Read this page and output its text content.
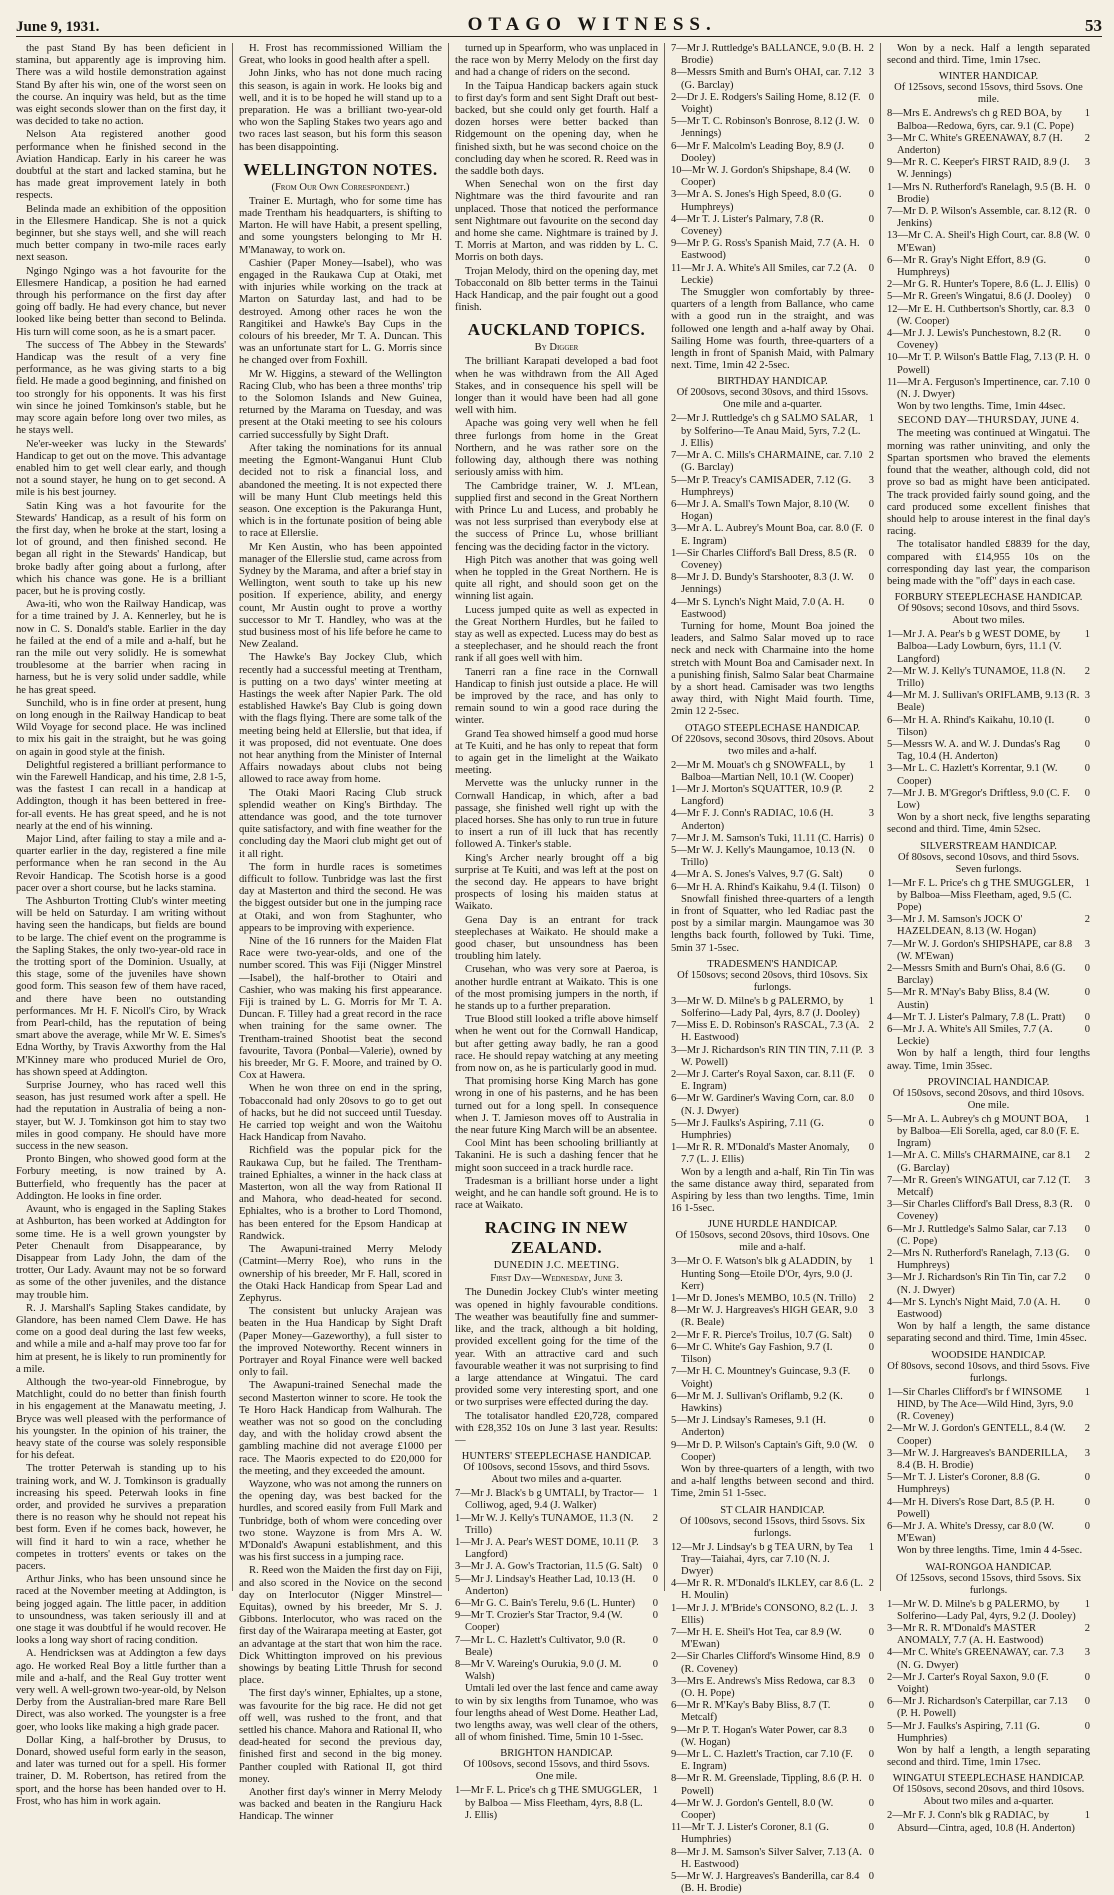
June 9, 1931.	OTAGO WITNESS.	53

the past Stand By has been deficient in stamina, but apparently age is improving him. There was a wild hostile demonstration against Stand By after his win, one of the worst seen on the course. An inquiry was held, but as the time was eight seconds slower than on the first day, it was decided to take no action.

Nelson Ata registered another good performance when he finished second in the Aviation Handicap. Early in his career he was doubtful at the start and lacked stamina, but he has made great improvement lately in both respects.

Belinda made an exhibition of the opposition in the Ellesmere Handicap. She is not a quick beginner, but she stays well, and she will reach much better company in two-mile races early next season.

Ngingo Ngingo was a hot favourite for the Ellesmere Handicap, a position he had earned through his performance on the first day after going off badly. He had every chance, but never looked like being better than second to Belinda. His turn will come soon, as he is a smart pacer.

The success of The Abbey in the Stewards' Handicap was the result of a very fine performance, as he was giving starts to a big field. He made a good beginning, and finished on too strongly for his opponents. It was his first win since he joined Tomkinson's stable, but he may score again before long over two miles, as he stays well.

Ne'er-weeker was lucky in the Stewards' Handicap to get out on the move. This advantage enabled him to get well clear early, and though not a sound stayer, he hung on to get second. A mile is his best journey.

Satin King was a hot favourite for the Stewards' Handicap, as a result of his form on the first day, when he broke at the start, losing a lot of ground, and then finished second. He began all right in the Stewards' Handicap, but broke badly after going about a furlong, after which his chance was gone. He is a brilliant pacer, but he is proving costly.

Awa-iti, who won the Railway Handicap, was for a time trained by J. A. Kennerley, but he is now in C. S. Donald's stable. Earlier in the day he failed at the end of a mile and a-half, but he ran the mile out very solidly. He is somewhat troublesome at the barrier when racing in harness, but he is very solid under saddle, while he has great speed.

Sunchild, who is in fine order at present, hung on long enough in the Railway Handicap to beat Wild Voyage for second place. He was inclined to mix his gait in the straight, but he was going on again in good style at the finish.

Delightful registered a brilliant performance to win the Farewell Handicap, and his time, 2.8 1-5, was the fastest I can recall in a handicap at Addington, though it has been bettered in free-for-all events. He has great speed, and he is not nearly at the end of his winning.

Major Lind, after failing to stay a mile and a-quarter earlier in the day, registered a fine mile performance when he ran second in the Au Revoir Handicap. The Scotish horse is a good pacer over a short course, but he lacks stamina.

The Ashburton Trotting Club's winter meeting will be held on Saturday. I am writing without having seen the handicaps, but fields are bound to be large. The chief event on the programme is the Sapling Stakes, the only two-year-old race in the trotting sport of the Dominion. Usually, at this stage, some of the juveniles have shown good form. This season few of them have raced, and there have been no outstanding performances. Mr H. F. Nicoll's Ciro, by Wrack from Pearl-child, has the reputation of being smart above the average, while Mr W. E. Simes's Edna Worthy, by Travis Axworthy from the Hal M'Kinney mare who produced Muriel de Oro, has shown speed at Addington.

Surprise Journey, who has raced well this season, has just resumed work after a spell. He had the reputation in Australia of being a non-stayer, but W. J. Tomkinson got him to stay two miles in good company. He should have more success in the new season.

Pronto Bingen, who showed good form at the Forbury meeting, is now trained by A. Butterfield, who frequently has the pacer at Addington. He looks in fine order.

Avaunt, who is engaged in the Sapling Stakes at Ashburton, has been worked at Addington for some time. He is a well grown youngster by Peter Chenault from Disappearance, by Disappear from Lady John, the dam of the trotter, Our Lady. Avaunt may not be so forward as some of the other juveniles, and the distance may trouble him.

R. J. Marshall's Sapling Stakes candidate, by Glandore, has been named Clem Dawe. He has come on a good deal during the last few weeks, and while a mile and a-half may prove too far for him at present, he is likely to run prominently for a mile.

Although the two-year-old Finnebrogue, by Matchlight, could do no better than finish fourth in his engagement at the Manawatu meeting, J. Bryce was well pleased with the performance of his youngster. In the opinion of his trainer, the heavy state of the course was solely responsible for his defeat.

The trotter Peterwah is standing up to his training work, and W. J. Tomkinson is gradually increasing his speed. Peterwah looks in fine order, and provided he survives a preparation there is no reason why he should not repeat his best form. Even if he comes back, however, he will find it hard to win a race, whether he competes in trotters' events or takes on the pacers.

Arthur Jinks, who has been unsound since he raced at the November meeting at Addington, is being jogged again. The little pacer, in addition to unsoundness, was taken seriously ill and at one stage it was doubtful if he would recover. He looks a long way short of racing condition.

A. Hendricksen was at Addington a few days ago. He worked Real Boy a little further than a mile and a-half, and the Real Guy trotter went very well. A well-grown two-year-old, by Nelson Derby from the Australian-bred mare Rare Bell Direct, was also worked. The youngster is a free goer, who looks like making a high grade pacer.

Dollar King, a half-brother by Drusus, to Donard, showed useful form early in the season, and later was turned out for a spell. His former trainer, D. M. Robertson, has retired from the sport, and the horse has been handed over to H. Frost, who has him in work again.

H. Frost has recommissioned William the Great, who looks in good health after a spell.

John Jinks, who has not done much racing this season, is again in work. He looks big and well, and it is to be hoped he will stand up to a preparation. He was a brilliant two-year-old who won the Sapling Stakes two years ago and two races last season, but his form this season has been disappointing.

WELLINGTON NOTES.
(From Our Own Correspondent.)

Trainer E. Murtagh, who for some time has made Trentham his headquarters, is shifting to Marton. He will have Habit, a present spelling, and some youngsters belonging to Mr H. M'Manaway, to work on.

Cashier (Paper Money—Isabel), who was engaged in the Raukawa Cup at Otaki, met with injuries while working on the track at Marton on Saturday last, and had to be destroyed. Among other races he won the Rangitikei and Hawke's Bay Cups in the colours of his breeder, Mr T. A. Duncan. This was an unfortunate start for L. G. Morris since he changed over from Foxhill.

Mr W. Higgins, a steward of the Wellington Racing Club, who has been a three months' trip to the Solomon Islands and New Guinea, returned by the Marama on Tuesday, and was present at the Otaki meeting to see his colours carried successfully by Sight Draft.

After taking the nominations for its annual meeting the Egmont-Wanganui Hunt Club decided not to risk a financial loss, and abandoned the meeting. It is not expected there will be many Hunt Club meetings held this season. One exception is the Pakuranga Hunt, which is in the fortunate position of being able to race at Ellerslie.

Mr Ken Austin, who has been appointed manager of the Ellerslie stud, came across from Sydney by the Marama, and after a brief stay in Wellington, went south to take up his new position. If experience, ability, and energy count, Mr Austin ought to prove a worthy successor to Mr T. Handley, who was at the stud business most of his life before he came to New Zealand.

The Hawke's Bay Jockey Club, which recently had a successful meeting at Trentham, is putting on a two days' winter meeting at Hastings the week after Napier Park. The old established Hawke's Bay Club is going down with the flags flying. There are some talk of the meeting being held at Ellerslie, but that idea, if it was proposed, did not eventuate. One does not hear anything from the Minister of Internal Affairs nowadays about clubs not being allowed to race away from home.

The Otaki Maori Racing Club struck splendid weather on King's Birthday. The attendance was good, and the tote turnover quite satisfactory, and with fine weather for the concluding day the Maori club might get out of it all right.

The form in hurdle races is sometimes difficult to follow. Tunbridge was last the first day at Masterton and third the second. He was the biggest outsider but one in the jumping race at Otaki, and won from Staghunter, who appears to be improving with experience.

Nine of the 16 runners for the Maiden Flat Race were two-year-olds, and one of the number scored. This was Fiji (Nigger Minstrel—Isabel), the half-brother to Otairi and Cashier, who was making his first appearance. Fiji is trained by L. G. Morris for Mr T. A. Duncan. F. Tilley had a great record in the race when training for the same owner. The Trentham-trained Shootist beat the second favourite, Tavora (Ponbal—Valerie), owned by his breeder, Mr G. F. Moore, and trained by O. Cox at Hawera.

When he won three on end in the spring, Tobacconald had only 20sovs to go to get out of hacks, but he did not succeed until Tuesday. He carried top weight and won the Waitohu Hack Handicap from Navaho.

Richfield was the popular pick for the Raukawa Cup, but he failed. The Trentham-trained Ephialtes, a winner in the hack class at Masterton, won all the way from Rational II and Mahora, who dead-heated for second. Ephialtes, who is a brother to Lord Thomond, has been entered for the Epsom Handicap at Randwick.

The Awapuni-trained Merry Melody (Catmint—Merry Roe), who runs in the ownership of his breeder, Mr F. Hall, scored in the Otaki Hack Handicap from Spear Lad and Zephyrus.

The consistent but unlucky Arajean was beaten in the Hua Handicap by Sight Draft (Paper Money—Gazeworthy), a full sister to the improved Noteworthy. Recent winners in Portrayer and Royal Finance were well backed only to fail.

The Awapuni-trained Senechal made the second Masterton winner to score. He took the Te Horo Hack Handicap from Walhurah. The weather was not so good on the concluding day, and with the holiday crowd absent the gambling machine did not average £1000 per race. The Maoris expected to do £20,000 for the meeting, and they exceeded the amount.

Wayzone, who was not among the runners on the opening day, was best backed for the hurdles, and scored easily from Full Mark and Tunbridge, both of whom were conceding over two stone. Wayzone is from Mrs A. W. M'Donald's Awapuni establishment, and this was his first success in a jumping race.

R. Reed won the Maiden the first day on Fiji, and also scored in the Novice on the second day on Interlocutor (Nigger Minstrel—Equitas), owned by his breeder, Mr S. J. Gibbons. Interlocutor, who was raced on the first day of the Wairarapa meeting at Easter, got an advantage at the start that won him the race. Dick Whittington improved on his previous showings by beating Little Thrush for second place.

The first day's winner, Ephialtes, up a stone, was favourite for the big race. He did not get off well, was rushed to the front, and that settled his chance. Mahora and Rational II, who dead-heated for second the previous day, finished first and second in the big money. Panther coupled with Rational II, got third money.

Another first day's winner in Merry Melody was backed and beaten in the Rangiuru Hack Handicap. The winner

turned up in Spearform, who was unplaced in the race won by Merry Melody on the first day and had a change of riders on the second.

In the Taipua Handicap backers again stuck to first day's form and sent Sight Draft out best-backed, but she could only get fourth. Half a dozen horses were better backed than Ridgemount on the opening day, when he finished sixth, but he was second choice on the concluding day when he scored. R. Reed was in the saddle both days.

When Senechal won on the first day Nightmare was the third favourite and ran unplaced. Those that noticed the performance sent Nightmare out favourite on the second day and home she came. Nightmare is trained by J. T. Morris at Marton, and was ridden by L. C. Morris on both days.

Trojan Melody, third on the opening day, met Tobacconald on 8lb better terms in the Tainui Hack Handicap, and the pair fought out a good finish.

AUCKLAND TOPICS.
By Digger

The brilliant Karapati developed a bad foot when he was withdrawn from the All Aged Stakes, and in consequence his spell will be longer than it would have been had all gone well with him.

Apache was going very well when he fell three furlongs from home in the Great Northern, and he was rather sore on the following day, although there was nothing seriously amiss with him.

The Cambridge trainer, W. J. M'Lean, supplied first and second in the Great Northern with Prince Lu and Lucess, and probably he was not less surprised than everybody else at the success of Prince Lu, whose brilliant fencing was the deciding factor in the victory.

High Pitch was another that was going well when he toppled in the Great Northern. He is quite all right, and should soon get on the winning list again.

Lucess jumped quite as well as expected in the Great Northern Hurdles, but he failed to stay as well as expected. Lucess may do best as a steeplechaser, and he should reach the front rank if all goes well with him.

Tanerri ran a fine race in the Cornwall Handicap to finish just outside a place. He will be improved by the race, and has only to remain sound to win a good race during the winter.

Grand Tea showed himself a good mud horse at Te Kuiti, and he has only to repeat that form to again get in the limelight at the Waikato meeting.

Mervette was the unlucky runner in the Cornwall Handicap, in which, after a bad passage, she finished well right up with the placed horses. She has only to run true in future to insert a run of ill luck that has recently followed A. Tinker's stable.

King's Archer nearly brought off a big surprise at Te Kuiti, and was left at the post on the second day. He appears to have bright prospects of losing his maiden status at Waikato.

Gena Day is an entrant for track steeplechases at Waikato. He should make a good chaser, but unsoundness has been troubling him lately.

Crusehan, who was very sore at Paeroa, is another hurdle entrant at Waikato. This is one of the most promising jumpers in the north, if he stands up to a further preparation.

True Blood still looked a trifle above himself when he went out for the Cornwall Handicap, but after getting away badly, he ran a good race. He should repay watching at any meeting from now on, as he is particularly good in mud.

That promising horse King March has gone wrong in one of his pasterns, and he has been turned out for a long spell. In consequence when J. T. Jamieson moves off to Australia in the near future King March will be an absentee.

Cool Mint has been schooling brilliantly at Takanini. He is such a dashing fencer that he might soon succeed in a track hurdle race.

Tradesman is a brilliant horse under a light weight, and he can handle soft ground. He is to race at Waikato.

RACING IN NEW ZEALAND.
DUNEDIN J.C. MEETING.
First Day—Wednesday, June 3.

The Dunedin Jockey Club's winter meeting was opened in highly favourable conditions. The weather was beautifully fine and summer-like, and the track, although a bit holding, provided excellent going for the time of the year. With an attractive card and such favourable weather it was not surprising to find a large attendance at Wingatui. The card provided some very interesting sport, and one or two surprises were effected during the day.

The totalisator handled £20,728, compared with £28,352 10s on June 3 last year. Results:—

HUNTERS' STEEPLECHASE HANDICAP.
Of 100sovs, second 15sovs, and third 5sovs. About two miles and a-quarter.
7—Mr J. Black's b g UMTALI, by Tractor—Colliwog, aged, 9.4 (J. Walker)
1
1—Mr W. J. Kelly's TUNAMOE, 11.3 (N. Trillo)
2
1—Mr J. A. Pear's WEST DOME, 10.11 (P. Langford)
3
3—Mr J. A. Gow's Tractorian, 11.5 (G. Salt)	0
5—Mr J. Lindsay's Heather Lad, 10.13 (H. Anderton)
0
6—Mr G. C. Bain's Terelu, 9.6 (L. Hunter)	0
9—Mr T. Crozier's Star Tractor, 9.4 (W. Cooper)
0
7—Mr L. C. Hazlett's Cultivator, 9.0 (R. Beale)
0
8—Mr V. Wareing's Ourukia, 9.0 (J. M. Walsh)
0

Umtali led over the last fence and came away to win by six lengths from Tunamoe, who was four lengths ahead of West Dome. Heather Lad, two lengths away, was well clear of the others, all of whom finished. Time, 5min 10 1-5sec.

BRIGHTON HANDICAP.
Of 100sovs, second 15sovs, and third 5sovs. One mile.
1—Mr F. L. Price's ch g THE SMUGGLER, by Balboa — Miss Fleetham, 4yrs, 8.8 (L. J. Ellis)
1
7—Mr J. Ruttledge's BALLANCE, 9.0 (B. H. Brodie)
2
8—Messrs Smith and Burn's OHAI, car. 7.12 (G. Barclay)
3
2—Dr J. E. Rodgers's Sailing Home, 8.12 (F. Voight)
0
5—Mr T. C. Robinson's Bonrose, 8.12 (J. W. Jennings)
0
6—Mr F. Malcolm's Leading Boy, 8.9 (J. Dooley)
0
10—Mr W. J. Gordon's Shipshape, 8.4 (W. Cooper)
0
3—Mr A. S. Jones's High Speed, 8.0 (G. Humphreys)
0
4—Mr T. J. Lister's Palmary, 7.8 (R. Coveney)
0
9—Mr P. G. Ross's Spanish Maid, 7.7 (A. H. Eastwood)
0
11—Mr J. A. White's All Smiles, car 7.2 (A. Leckie)
0

The Smuggler won comfortably by three-quarters of a length from Ballance, who came with a good run in the straight, and was followed one length and a-half away by Ohai. Sailing Home was fourth, three-quarters of a length in front of Spanish Maid, with Palmary next. Time, 1min 42 2-5sec.

BIRTHDAY HANDICAP.
Of 200sovs, second 30sovs, and third 15sovs. One mile and a-quarter.
2—Mr J. Ruttledge's ch g SALMO SALAR, by Solferino—Te Anau Maid, 5yrs, 7.2 (L. J. Ellis)
1
7—Mr A. C. Mills's CHARMAINE, car. 7.10 (G. Barclay)
2
5—Mr P. Treacy's CAMISADER, 7.12 (G. Humphreys)
3
6—Mr J. A. Small's Town Major, 8.10 (W. Hogan)
0
3—Mr A. L. Aubrey's Mount Boa, car. 8.0 (F. E. Ingram)
0
1—Sir Charles Clifford's Ball Dress, 8.5 (R. Coveney)
0
8—Mr J. D. Bundy's Starshooter, 8.3 (J. W. Jennings)
0
4—Mr S. Lynch's Night Maid, 7.0 (A. H. Eastwood)
0

Turning for home, Mount Boa joined the leaders, and Salmo Salar moved up to race neck and neck with Charmaine into the home stretch with Mount Boa and Camisader next. In a punishing finish, Salmo Salar beat Charmaine by a short head. Camisader was two lengths away third, with Night Maid fourth. Time, 2min 12 2-5sec.

OTAGO STEEPLECHASE HANDICAP.
Of 220sovs, second 30sovs, third 20sovs. About two miles and a-half.
2—Mr M. Mouat's ch g SNOWFALL, by Balboa—Martian Nell, 10.1 (W. Cooper)
1
1—Mr J. Morton's SQUATTER, 10.9 (P. Langford)
2
4—Mr F. J. Conn's RADIAC, 10.6 (H. Anderton)
3
7—Mr J. M. Samson's Tuki, 11.11 (C. Harris) 0
5—Mr W. J. Kelly's Maungamoe, 10.13 (N. Trillo)
0
4—Mr A. S. Jones's Valves, 9.7 (G. Salt)	0
6—Mr H. A. Rhind's Kaikahu, 9.4 (I. Tilson) 0

Snowfall finished three-quarters of a length in front of Squatter, who led Radiac past the post by a similar margin. Maungamoe was 30 lengths back fourth, followed by Tuki. Time, 5min 37 1-5sec.

TRADESMEN'S HANDICAP.
Of 150sovs; second 20sovs, third 10sovs. Six furlongs.
3—Mr W. D. Milne's b g PALERMO, by Solferino—Lady Pal, 4yrs, 8.7 (J. Dooley)
1
7—Miss E. D. Robinson's RASCAL, 7.3 (A. H. Eastwood)
2
3—Mr J. Richardson's RIN TIN TIN, 7.11 (P. W. Powell)
3
2—Mr J. Carter's Royal Saxon, car. 8.11 (F. E. Ingram)
0
6—Mr W. Gardiner's Waving Corn, car. 8.0 (N. J. Dwyer)
0
5—Mr J. Faulks's Aspiring, 7.11 (G. Humphries)
0
1—Mr R. R. M'Donald's Master Anomaly, 7.7 (L. J. Ellis)
0

Won by a length and a-half, Rin Tin Tin was the same distance away third, separated from Aspiring by less than two lengths. Time, 1min 16 1-5sec.

JUNE HURDLE HANDICAP.
Of 150sovs, second 20sovs, third 10sovs. One mile and a-half.
3—Mr O. F. Watson's blk g ALADDIN, by Hunting Song—Etoile D'Or, 4yrs, 9.0 (J. Kerr)
1
1—Mr D. Jones's MEMBO, 10.5 (N. Trillo)	2
8—Mr W. J. Hargreaves's HIGH GEAR, 9.0 (R. Beale)
3
2—Mr F. R. Pierce's Troilus, 10.7 (G. Salt)	0
6—Mr C. White's Gay Fashion, 9.7 (I. Tilson)
0
7—Mr H. C. Mountney's Guincase, 9.3 (F. Voight)
0
6—Mr M. J. Sullivan's Oriflamb, 9.2 (K. Hawkins)
0
5—Mr J. Lindsay's Rameses, 9.1 (H. Anderton)
0
9—Mr D. P. Wilson's Captain's Gift, 9.0 (W. Cooper)
0

Won by three-quarters of a length, with two and a-half lengths between second and third. Time, 2min 51 1-5sec.

ST CLAIR HANDICAP.
Of 100sovs, second 15sovs, third 5sovs. Six furlongs.
12—Mr J. Lindsay's b g TEA URN, by Tea Tray—Taiahai, 4yrs, car 7.10 (N. J. Dwyer)
1
4—Mr R. R. M'Donald's ILKLEY, car 8.6 (L. H. Moulin)
2
1—Mr J. J. M'Bride's CONSONO, 8.2 (L. J. Ellis)
3
7—Mr H. E. Sheil's Hot Tea, car 8.9 (W. M'Ewan)
0
2—Sir Charles Clifford's Winsome Hind, 8.9 (R. Coveney)
0
3—Mrs E. Andrews's Miss Redowa, car 8.3 (O. H. Pope)
0
6—Mr R. M'Kay's Baby Bliss, 8.7 (T. Metcalf)
0
9—Mr P. T. Hogan's Water Power, car 8.3 (W. Hogan)
0
9—Mr L. C. Hazlett's Traction, car 7.10 (F. E. Ingram)
0
8—Mr R. M. Greenslade, Tippling, 8.6 (P. H. Powell)
0
4—Mr W. J. Gordon's Gentell, 8.0 (W. Cooper)
0
11—Mr T. J. Lister's Coroner, 8.1 (G. Humphries)
0
8—Mr J. M. Samson's Silver Salver, 7.13 (A. H. Eastwood)
0
5—Mr W. J. Hargreaves's Banderilla, car 8.4 (B. H. Brodie)
0

Won by a neck. Half a length separated second and third. Time, 1min 17sec.

WINTER HANDICAP.
Of 125sovs, second 15sovs, third 5sovs. One mile.
8—Mrs E. Andrews's ch g RED BOA, by Balboa—Redowa, 6yrs, car. 9.1 (C. Pope)
1
3—Mr C. White's GREENAWAY, 8.7 (H. Anderton)
2
9—Mr R. C. Keeper's FIRST RAID, 8.9 (J. W. Jennings)
3
1—Mrs N. Rutherford's Ranelagh, 9.5 (B. H. Brodie)
0
7—Mr D. P. Wilson's Assemble, car. 8.12 (R. Jenkins)
0
13—Mr C. A. Sheil's High Court, car. 8.8 (W. M'Ewan)
0
6—Mr R. Gray's Night Effort, 8.9 (G. Humphreys)
0
2—Mr G. R. Hunter's Topere, 8.6 (L. J. Ellis) 0
5—Mr R. Green's Wingatui, 8.6 (J. Dooley)	0
12—Mr E. H. Cuthbertson's Shortly, car. 8.3 (W. Cooper)
0
4—Mr J. J. Lewis's Punchestown, 8.2 (R. Coveney)
0
10—Mr T. P. Wilson's Battle Flag, 7.13 (P. H. Powell)
0
11—Mr A. Ferguson's Impertinence, car. 7.10 (N. J. Dwyer)
0

Won by two lengths. Time, 1min 44sec.

SECOND DAY—THURSDAY, JUNE 4.

The meeting was continued at Wingatui. The morning was rather uninviting, and only the Spartan sportsmen who braved the elements found that the weather, although cold, did not prove so bad as might have been anticipated. The track provided fairly sound going, and the card produced some excellent finishes that should help to arouse interest in the final day's racing.

The totalisator handled £8839 for the day, compared with £14,955 10s on the corresponding day last year, the comparison being made with the "off" days in each case.

FORBURY STEEPLECHASE HANDICAP.
Of 90sovs; second 10sovs, and third 5sovs. About two miles.
1—Mr J. A. Pear's b g WEST DOME, by Balboa—Lady Lowburn, 6yrs, 11.1 (V. Langford)
1
2—Mr W. J. Kelly's TUNAMOE, 11.8 (N. Trillo)
2
4—Mr M. J. Sullivan's ORIFLAMB, 9.13 (R. Beale)
3
6—Mr H. A. Rhind's Kaikahu, 10.10 (I. Tilson)
0
5—Messrs W. A. and W. J. Dundas's Rag Tag, 10.4 (H. Anderton)
0
3—Mr L. C. Hazlett's Korrentar, 9.1 (W. Cooper)
0
7—Mr J. B. M'Gregor's Driftless, 9.0 (C. F. Low)
0

Won by a short neck, five lengths separating second and third. Time, 4min 52sec.

SILVERSTREAM HANDICAP.
Of 80sovs, second 10sovs, and third 5sovs. Seven furlongs.
1—Mr F. L. Price's ch g THE SMUGGLER, by Balboa—Miss Fleetham, aged, 9.5 (C. Pope)
1
3—Mr J. M. Samson's JOCK O' HAZELDEAN, 8.13 (W. Hogan)
2
7—Mr W. J. Gordon's SHIPSHAPE, car 8.8 (W. M'Ewan)
3
2—Messrs Smith and Burn's Ohai, 8.6 (G. Barclay)
0
5—Mr R. M'Nay's Baby Bliss, 8.4 (W. Austin)
0
4—Mr T. J. Lister's Palmary, 7.8 (L. Pratt)	0
6—Mr J. A. White's All Smiles, 7.7 (A. Leckie)
0

Won by half a length, third four lengths away. Time, 1min 35sec.

PROVINCIAL HANDICAP.
Of 150sovs, second 20sovs, and third 10sovs. One mile.
5—Mr A. L. Aubrey's ch g MOUNT BOA, by Balboa—Eli Sorella, aged, car 8.0 (F. E. Ingram)
1
1—Mr A. C. Mills's CHARMAINE, car 8.1 (G. Barclay)
2
7—Mr R. Green's WINGATUI, car 7.12 (T. Metcalf)
3
3—Sir Charles Clifford's Ball Dress, 8.3 (R. Coveney)
0
6—Mr J. Ruttledge's Salmo Salar, car 7.13 (C. Pope)
0
2—Mrs N. Rutherford's Ranelagh, 7.13 (G. Humphreys)
0
3—Mr J. Richardson's Rin Tin Tin, car 7.2 (N. J. Dwyer)
0
4—Mr S. Lynch's Night Maid, 7.0 (A. H. Eastwood)
0

Won by half a length, the same distance separating second and third. Time, 1min 45sec.

WOODSIDE HANDICAP.
Of 80sovs, second 10sovs, and third 5sovs. Five furlongs.
1—Sir Charles Clifford's br f WINSOME HIND, by The Ace—Wild Hind, 3yrs, 9.0 (R. Coveney)
1
2—Mr W. J. Gordon's GENTELL, 8.4 (W. Cooper)
2
3—Mr W. J. Hargreaves's BANDERILLA, 8.4 (B. H. Brodie)
3
5—Mr T. J. Lister's Coroner, 8.8 (G. Humphreys)
0
4—Mr H. Divers's Rose Dart, 8.5 (P. H. Powell)
0
6—Mr J. A. White's Dressy, car 8.0 (W. M'Ewan)
0

Won by three lengths. Time, 1min 4 4-5sec.

WAI-RONGOA HANDICAP.
Of 125sovs, second 15sovs, third 5sovs. Six furlongs.
1—Mr W. D. Milne's b g PALERMO, by Solferino—Lady Pal, 4yrs, 9.2 (J. Dooley)
1
3—Mr R. R. M'Donald's MASTER ANOMALY, 7.7 (A. H. Eastwood)
2
4—Mr C. White's GREENAWAY, car. 7.3 (N. G. Dwyer)
3
2—Mr J. Carter's Royal Saxon, 9.0 (F. Voight)
0
6—Mr J. Richardson's Caterpillar, car 7.13 (P. H. Powell)
0
5—Mr J. Faulks's Aspiring, 7.11 (G. Humphries)
0

Won by half a length, a length separating second and third. Time, 1min 17sec.

WINGATUI STEEPLECHASE HANDICAP.
Of 150sovs, second 20sovs, and third 10sovs. About two miles and a-quarter.
2—Mr F. J. Conn's blk g RADIAC, by Absurd—Cintra, aged, 10.8 (H. Anderton)
1
